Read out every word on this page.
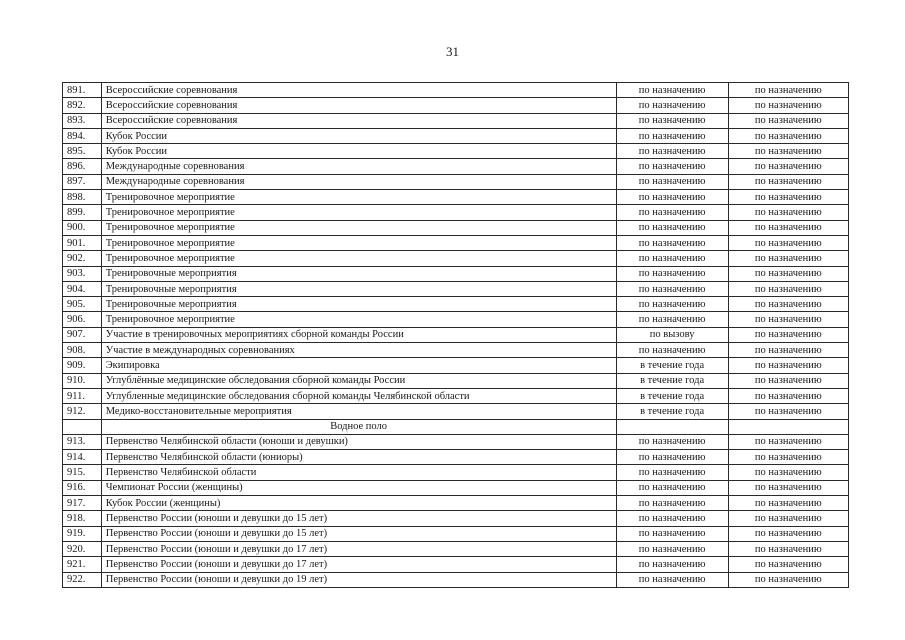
31
891.	Всероссийские соревнования	по назначению	по назначению
892.	Всероссийские соревнования	по назначению	по назначению
893.	Всероссийские соревнования	по назначению	по назначению
894.	Кубок России	по назначению	по назначению
895.	Кубок России	по назначению	по назначению
896.	Международные соревнования	по назначению	по назначению
897.	Международные соревнования	по назначению	по назначению
898.	Тренировочное мероприятие	по назначению	по назначению
899.	Тренировочное мероприятие	по назначению	по назначению
900.	Тренировочное мероприятие	по назначению	по назначению
901.	Тренировочное мероприятие	по назначению	по назначению
902.	Тренировочное мероприятие	по назначению	по назначению
903.	Тренировочные мероприятия	по назначению	по назначению
904.	Тренировочные мероприятия	по назначению	по назначению
905.	Тренировочные мероприятия	по назначению	по назначению
906.	Тренировочное мероприятие	по назначению	по назначению
907.	Участие в тренировочных мероприятиях сборной команды России	по вызову	по назначению
908.	Участие в международных соревнованиях	по назначению	по назначению
909.	Экипировка	в течение года	по назначению
910.	Углублённые медицинские обследования сборной команды России	в течение года	по назначению
911.	Углубленные медицинские обследования сборной команды Челябинской области	в течение года	по назначению
912.	Медико-восстановительные мероприятия	в течение года	по назначению
	Водное поло		
913.	Первенство Челябинской области (юноши и девушки)	по назначению	по назначению
914.	Первенство Челябинской области (юниоры)	по назначению	по назначению
915.	Первенство Челябинской области	по назначению	по назначению
916.	Чемпионат России (женщины)	по назначению	по назначению
917.	Кубок России (женщины)	по назначению	по назначению
918.	Первенство России (юноши и девушки до 15 лет)	по назначению	по назначению
919.	Первенство России (юноши и девушки до 15 лет)	по назначению	по назначению
920.	Первенство России (юноши и девушки до 17 лет)	по назначению	по назначению
921.	Первенство России (юноши и девушки до 17 лет)	по назначению	по назначению
922.	Первенство России (юноши и девушки до 19 лет)	по назначению	по назначению
